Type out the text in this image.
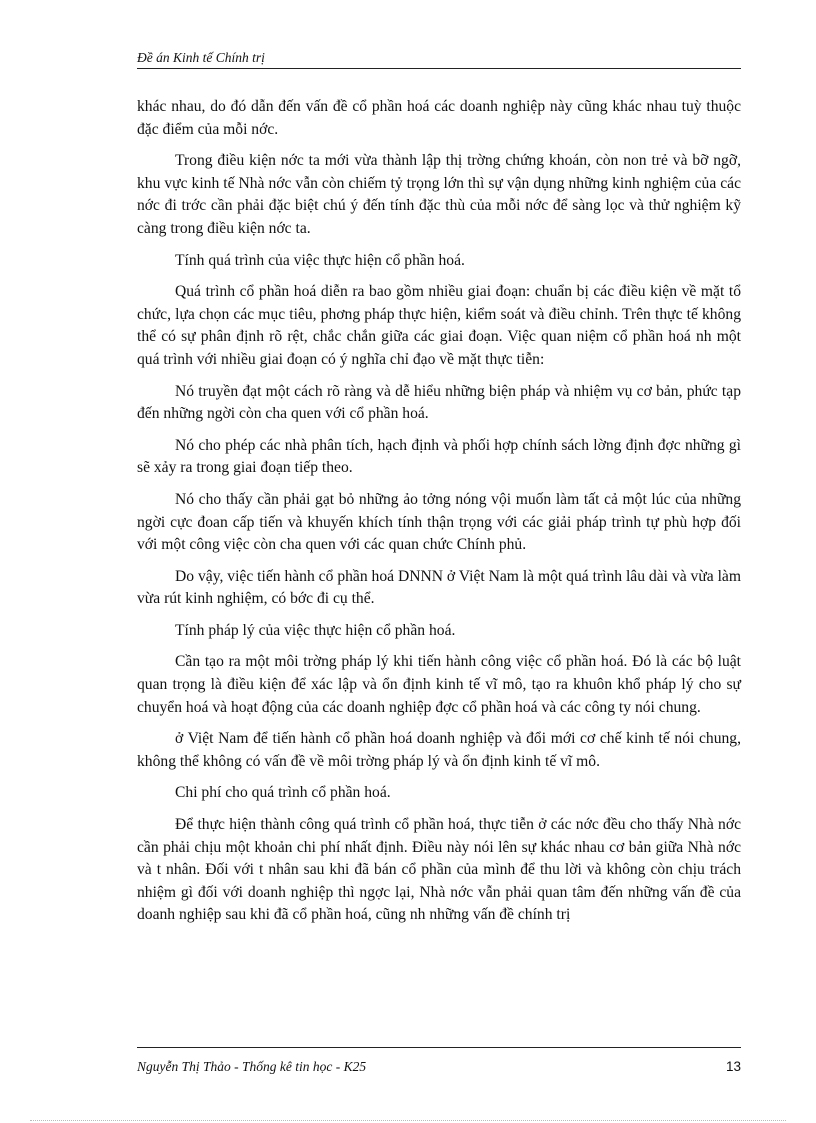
Đề án Kinh tế Chính trị

khác nhau, do đó dẫn đến vấn đề cổ phần hoá các doanh nghiệp này cũng khác nhau tuỳ thuộc đặc điểm của mỗi nớc.

Trong điều kiện nớc ta mới vừa thành lập thị trờng chứng khoán, còn non trẻ và bỡ ngỡ, khu vực kinh tế Nhà nớc vẫn còn chiếm tỷ trọng lớn thì sự vận dụng những kinh nghiệm của các nớc đi trớc cần phải đặc biệt chú ý đến tính đặc thù của mỗi nớc để sàng lọc và thử nghiệm kỹ càng trong điều kiện nớc ta.

Tính quá trình của việc thực hiện cổ phần hoá.

Quá trình cổ phần hoá diễn ra bao gồm nhiều giai đoạn: chuẩn bị các điều kiện về mặt tổ chức, lựa chọn các mục tiêu, phơng pháp thực hiện, kiểm soát và điều chỉnh. Trên thực tế không thể có sự phân định rõ rệt, chắc chắn giữa các giai đoạn. Việc quan niệm cổ phần hoá nh một quá trình với nhiều giai đoạn có ý nghĩa chỉ đạo về mặt thực tiễn:

Nó truyền đạt một cách rõ ràng và dễ hiểu những biện pháp và nhiệm vụ cơ bản, phức tạp đến những ngời còn cha quen với cổ phần hoá.

Nó cho phép các nhà phân tích, hạch định và phối hợp chính sách lờng định đợc những gì sẽ xảy ra trong giai đoạn tiếp theo.

Nó cho thấy cần phải gạt bỏ những ảo tởng nóng vội muốn làm tất cả một lúc của những ngời cực đoan cấp tiến và khuyến khích tính thận trọng với các giải pháp trình tự phù hợp đối với một công việc còn cha quen với các quan chức Chính phủ.

Do vậy, việc tiến hành cổ phần hoá DNNN ở Việt Nam là một quá trình lâu dài và vừa làm vừa rút kinh nghiệm, có bớc đi cụ thể.

Tính pháp lý của việc thực hiện cổ phần hoá.

Cần tạo ra một môi trờng pháp lý khi tiến hành công việc cổ phần hoá. Đó là các bộ luật quan trọng là điều kiện để xác lập và ổn định kinh tế vĩ mô, tạo ra khuôn khổ pháp lý cho sự chuyển hoá và hoạt động của các doanh nghiệp đợc cổ phần hoá và các công ty nói chung.

ở Việt Nam để tiến hành cổ phần hoá doanh nghiệp và đổi mới cơ chế kinh tế nói chung, không thể không có vấn đề về môi trờng pháp lý và ổn định kinh tế vĩ mô.

Chi phí cho quá trình cổ phần hoá.

Để thực hiện thành công quá trình cổ phần hoá, thực tiễn ở các nớc đều cho thấy Nhà nớc cần phải chịu một khoản chi phí nhất định. Điều này nói lên sự khác nhau cơ bản giữa Nhà nớc và t nhân. Đối với t nhân sau khi đã bán cổ phần của mình để thu lời và không còn chịu trách nhiệm gì đối với doanh nghiệp thì ngợc lại, Nhà nớc vẫn phải quan tâm đến những vấn đề của doanh nghiệp sau khi đã cổ phần hoá, cũng nh những vấn đề chính trị

Nguyễn Thị Thảo - Thống kê tin học - K25	13
